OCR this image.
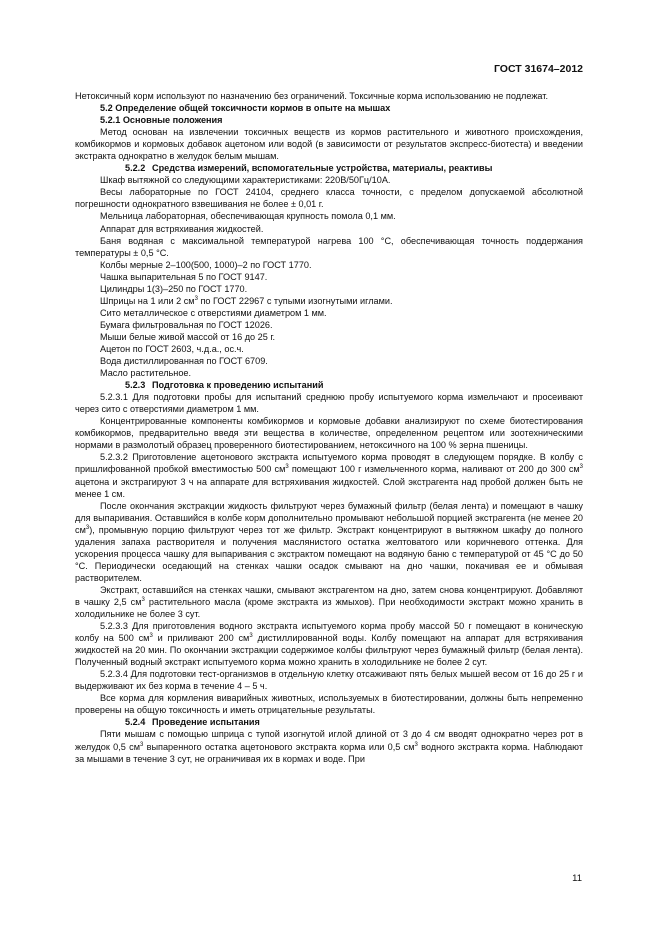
ГОСТ 31674–2012

Нетоксичный корм используют по назначению без ограничений. Токсичные корма использованию не подлежат.

5.2 Определение общей токсичности кормов в опыте на мышах

5.2.1 Основные положения

Метод основан на извлечении токсичных веществ из кормов растительного и животного происхождения, комбикормов и кормовых добавок ацетоном или водой (в зависимости от результатов экспресс-биотеста) и введении экстракта однократно в желудок белым мышам.

5.2.2 Средства измерений, вспомогательные устройства, материалы, реактивы

Шкаф вытяжной со следующими характеристиками: 220В/50Гц/10А.

Весы лабораторные по ГОСТ 24104, среднего класса точности, с пределом допускаемой абсолютной погрешности однократного взвешивания не более ± 0,01 г.

Мельница лабораторная, обеспечивающая крупность помола 0,1 мм.

Аппарат для встряхивания жидкостей.

Баня водяная с максимальной температурой нагрева 100 °С, обеспечивающая точность поддержания температуры ± 0,5 °С.

Колбы мерные 2–100(500, 1000)–2 по ГОСТ 1770.

Чашка выпарительная 5 по ГОСТ 9147.

Цилиндры 1(3)–250 по ГОСТ 1770.

Шприцы на 1 или 2 $см^3$ по ГОСТ 22967 с тупыми изогнутыми иглами.

Сито металлическое с отверстиями диаметром 1 мм.

Бумага фильтровальная по ГОСТ 12026.

Мыши белые живой массой от 16 до 25 г.

Ацетон по ГОСТ 2603, ч.д.а., ос.ч.

Вода дистиллированная по ГОСТ 6709.

Масло растительное.

5.2.3 Подготовка к проведению испытаний

5.2.3.1 Для подготовки пробы для испытаний среднюю пробу испытуемого корма измельчают и просеивают через сито с отверстиями диаметром 1 мм.

Концентрированные компоненты комбикормов и кормовые добавки анализируют по схеме биотестирования комбикормов, предварительно введя эти вещества в количестве, определенном рецептом или зоотехническими нормами в размолотый образец проверенного биотестированием, нетоксичного на 100 % зерна пшеницы.

5.2.3.2 Приготовление ацетонового экстракта испытуемого корма проводят в следующем порядке. В колбу с пришлифованной пробкой вместимостью 500 $см^3$ помещают 100 г измельченного корма, наливают от 200 до 300 $см^3$ ацетона и экстрагируют 3 ч на аппарате для встряхивания жидкостей. Слой экстрагента над пробой должен быть не менее 1 см.

После окончания экстракции жидкость фильтруют через бумажный фильтр (белая лента) и помещают в чашку для выпаривания. Оставшийся в колбе корм дополнительно промывают небольшой порцией экстрагента (не менее 20 $см^3$), промывную порцию фильтруют через тот же фильтр. Экстракт концентрируют в вытяжном шкафу до полного удаления запаха растворителя и получения маслянистого остатка желтоватого или коричневого оттенка. Для ускорения процесса чашку для выпаривания с экстрактом помещают на водяную баню с температурой от 45 °С до 50 °С. Периодически оседающий на стенках чашки осадок смывают на дно чашки, покачивая ее и обмывая растворителем.

Экстракт, оставшийся на стенках чашки, смывают экстрагентом на дно, затем снова концентрируют. Добавляют в чашку 2,5 $см^3$ растительного масла (кроме экстракта из жмыхов). При необходимости экстракт можно хранить в холодильнике не более 3 сут.

5.2.3.3 Для приготовления водного экстракта испытуемого корма пробу массой 50 г помещают в коническую колбу на 500 $см^3$ и приливают 200 $см^3$ дистиллированной воды. Колбу помещают на аппарат для встряхивания жидкостей на 20 мин. По окончании экстракции содержимое колбы фильтруют через бумажный фильтр (белая лента). Полученный водный экстракт испытуемого корма можно хранить в холодильнике не более 2 сут.

5.2.3.4 Для подготовки тест-организмов в отдельную клетку отсаживают пять белых мышей весом от 16 до 25 г и выдерживают их без корма в течение 4 – 5 ч.

Все корма для кормления виварийных животных, используемых в биотестировании, должны быть непременно проверены на общую токсичность и иметь отрицательные результаты.

5.2.4 Проведение испытания

Пяти мышам с помощью шприца с тупой изогнутой иглой длиной от 3 до 4 см вводят однократно через рот в желудок 0,5 $см^3$ выпаренного остатка ацетонового экстракта корма или 0,5 $см^3$ водного экстракта корма. Наблюдают за мышами в течение 3 сут, не ограничивая их в кормах и воде. При

11
